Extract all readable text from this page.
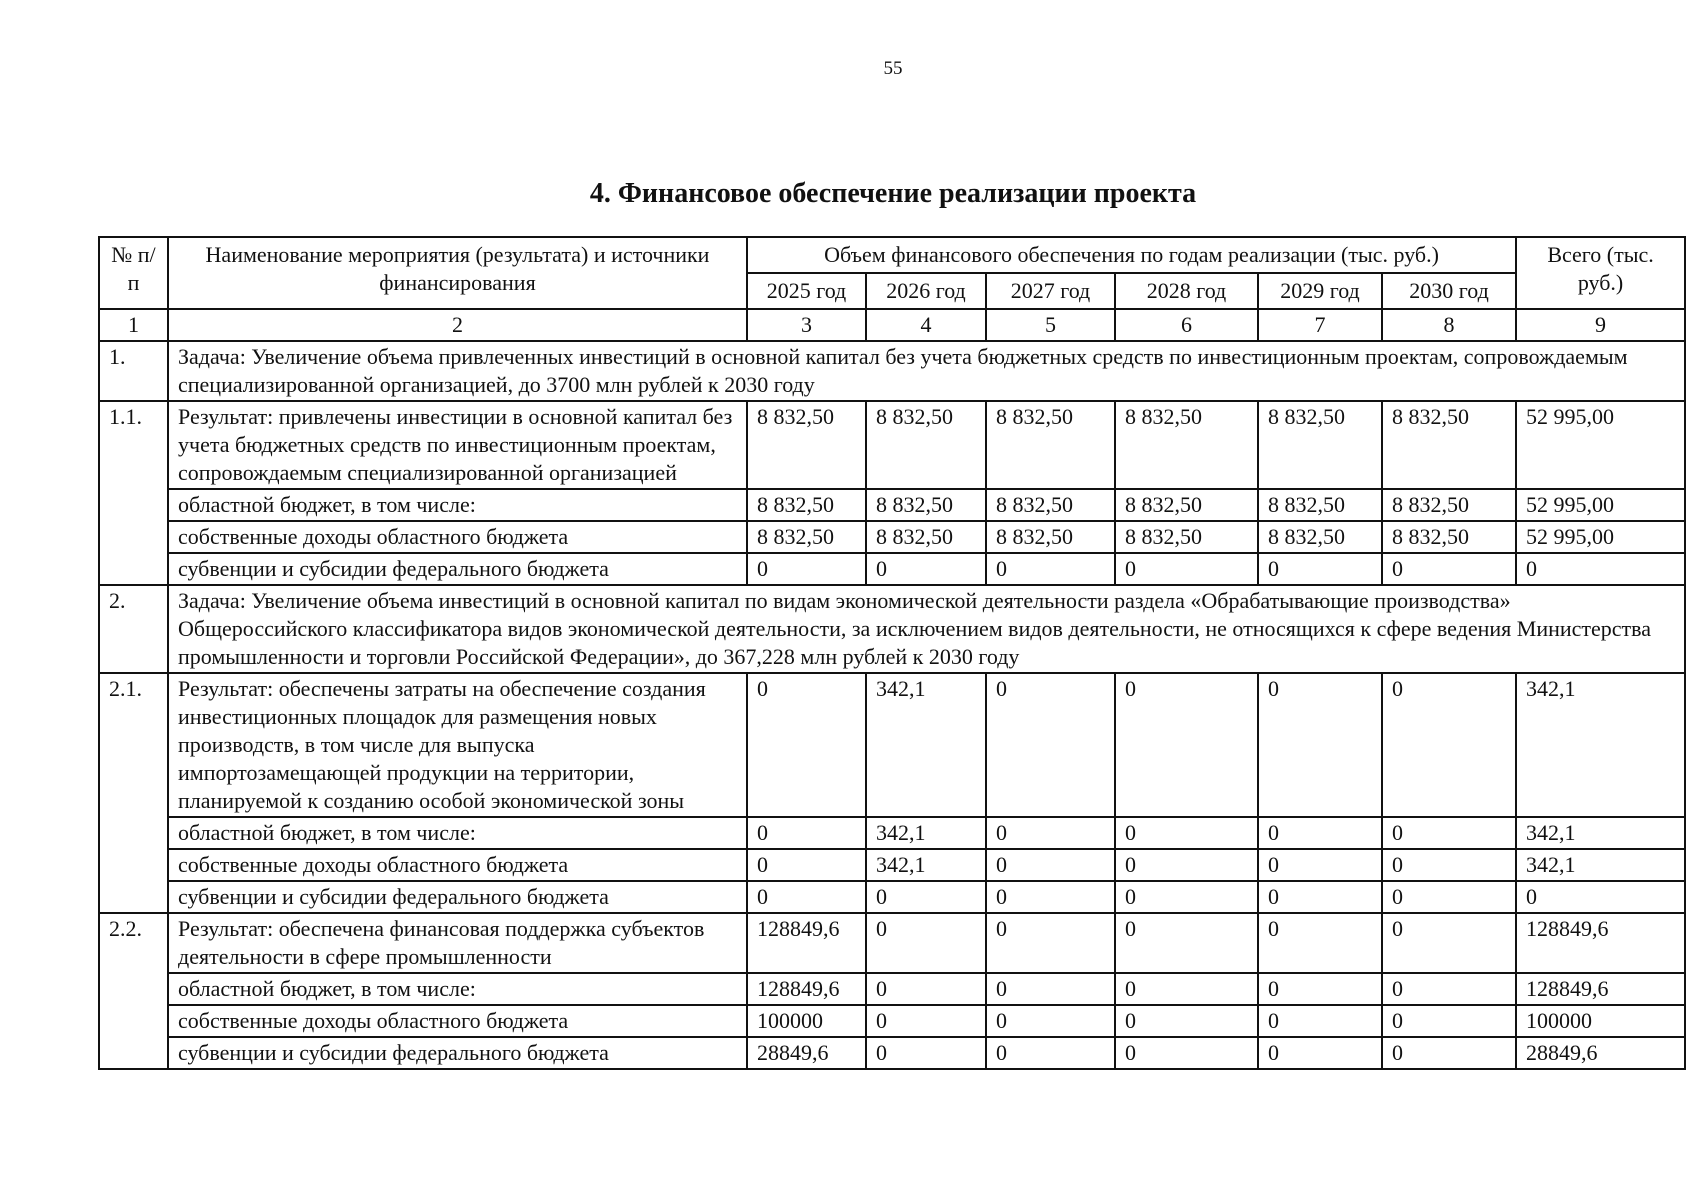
55
4. Финансовое обеспечение реализации проекта
№ п/п	Наименование мероприятия (результата) и источники финансирования	Объем финансового обеспечения по годам реализации (тыс. руб.)						Всего (тыс. руб.)
		2025 год	2026 год	2027 год	2028 год	2029 год	2030 год	
1	2	3	4	5	6	7	8	9
1.	Задача: Увеличение объема привлеченных инвестиций в основной капитал без учета бюджетных средств по инвестиционным проектам, сопровождаемым специализированной организацией, до 3700 млн рублей к 2030 году							
1.1.	Результат: привлечены инвестиции в основной капитал без учета бюджетных средств по инвестиционным проектам, сопровождаемым специализированной организацией	8 832,50	8 832,50	8 832,50	8 832,50	8 832,50	8 832,50	52 995,00
	областной бюджет, в том числе:	8 832,50	8 832,50	8 832,50	8 832,50	8 832,50	8 832,50	52 995,00
	собственные доходы областного бюджета	8 832,50	8 832,50	8 832,50	8 832,50	8 832,50	8 832,50	52 995,00
	субвенции и субсидии федерального бюджета	0	0	0	0	0	0	0
2.	Задача: Увеличение объема инвестиций в основной капитал по видам экономической деятельности раздела «Обрабатывающие производства» Общероссийского классификатора видов экономической деятельности, за исключением видов деятельности, не относящихся к сфере ведения Министерства промышленности и торговли Российской Федерации», до 367,228 млн рублей к 2030 году							
2.1.	Результат: обеспечены затраты на обеспечение создания инвестиционных площадок для размещения новых производств, в том числе для выпуска импортозамещающей продукции на территории, планируемой к созданию особой экономической зоны	0	342,1	0	0	0	0	342,1
	областной бюджет, в том числе:	0	342,1	0	0	0	0	342,1
	собственные доходы областного бюджета	0	342,1	0	0	0	0	342,1
	субвенции и субсидии федерального бюджета	0	0	0	0	0	0	0
2.2.	Результат: обеспечена финансовая поддержка субъектов деятельности в сфере промышленности	128849,6	0	0	0	0	0	128849,6
	областной бюджет, в том числе:	128849,6	0	0	0	0	0	128849,6
	собственные доходы областного бюджета	100000	0	0	0	0	0	100000
	субвенции и субсидии федерального бюджета	28849,6	0	0	0	0	0	28849,6
